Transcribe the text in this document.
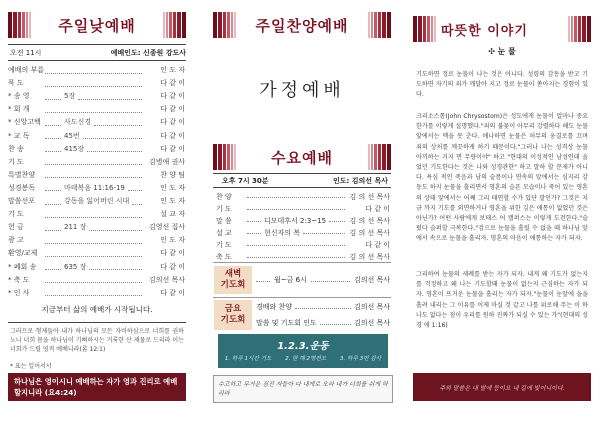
주일낮예배
오전 11시	예배인도: 신종원 강도사
예배의 부름	인 도 자
묵 도	다 같 이
* 송 영	5장	다 같 이
* 회 개	다 같 이
* 신앙고백	사도신경	다 같 이
* 교 독	45번	다 같 이
찬 송	415장	다 같 이
기 도	김병애 권사
특별찬양	찬 양 팀
성경봉독	마태복음 11:16-19	인 도 자
말씀선포	강동을 잃어버린 시대	인 도 자
기 도	설 교 자
헌 금	211 장	김영선 집사
광 고	인 도 자
환영/교제	다 같 이
* 폐회 송	635 장	다 같 이
* 축 도	김의선 목사
* 인 사	다 같 이
지금부터 삶의 예배가 시작됩니다.
그러므로 형제들아 내가 하나님의 모든 자비하심으로 너희를 권하노니 너희 몸을 하나님이 기뻐하시는 거룩한 산 제물로 드리라 이는 너희가 드릴 영적 예배니라(롬 12:1)
* 표는 일어서서
하나님은 영이시니 예배하는 자가 영과 진리로 예배할지니라 (요4:24)
주일찬양예배
가정예배
수요예배
오후 7시 30분	인도: 김의선 목사
찬 양	김 의 선 목사
기 도	다 같 이
말 씀	디모데후서 2:3~15	김 의 선 목사
설 교	현신자의 복	김 의 선 목사
기 도	다 같 이
축 도	김 의 선 목사
새벽
기도회	월~금 6시	김의선 목사
금요
기도회
경배와 찬양	김의선 목사
말씀 및 기도회 인도	김의선 목사
1.2.3.운동
1. 하루 1시간 기도 2. 한 해 2명전도 3. 하루 3번 감사
수고하고 무거운 짐진 자들아 다 내게로 오라 내가 너희를 쉬게 하리라
따뜻한 이야기
✣ 눈 물

기도하면 정로 눈물이 나는 것은 아니다. 성령의 감동을 받고 기도하면 자기의 죄가 깨달아 지고 정로 눈물이 쏟아지는 경험이 있다.

크리소스톰(John Chrysostom)은 성도에게 눈물이 얼마나 중요한가를 이렇게 설명했다."죄의 불꽃이 아무리 강렬하다 해도 눈물 앞에서는 맥을 못 춘다. 애나하면 눈물은 허무의 웅결로를 끄며 죄의 상처를 깨끗하게 하기 때문이다."그러나 나는 성격상 눈물 아끼하는 거지 면 무량이야" 하고 "현대의 이성적인 남성인데 울었던 기도한다는 것은 나와 성경관한" 하고 말하 할 문제가 아니다. 욕심 적인 죽음과 남의 슬픔이나 연속의 앞에서는 심지리 감동도 하지 눈물을 흘리면서 영혼의 슬픈 모습이나 죽어 있는 영혼의 상태 앞에서는 어째 그리 태연할 수가 있단 말인가? 그것은 지금 까지 기도를 외면하거나 영혼을 위한 깊은 애통이 없었던 것은 아닌가? 어떤 사람에게 보태스 어 캠퍼스는 이렇게 도전한다."슬펐다 슬퍼할 극복한다."검으로 눈물을 흘릴 수 없을 때 하나님 앞에서 속으로 눈물을 흘리자. 영혼의 마음이 애통하는 자가 되자.

그리하여 눈물의 세례를 받는 자가 되자. 내게 왜 기도가 없는지를 걱정하고 왜 나는 기도할때 눈물이 없는지 근심하는 자가 되자. 영혼이 뜨거운 눈물을 흘리는 자가 되자."눈물이 눈앞에 을을 흘려 내리는 그 이유를 이제 마실 것 같고 나를 위로해 주는 이 하나도 없다는 점이 우리를 원하 진짜가 되실 수 있는 가"(현대의 성경 애 1:16)

주의 말씀은 내 발에 등이요 내 길에 빛이니이다.
